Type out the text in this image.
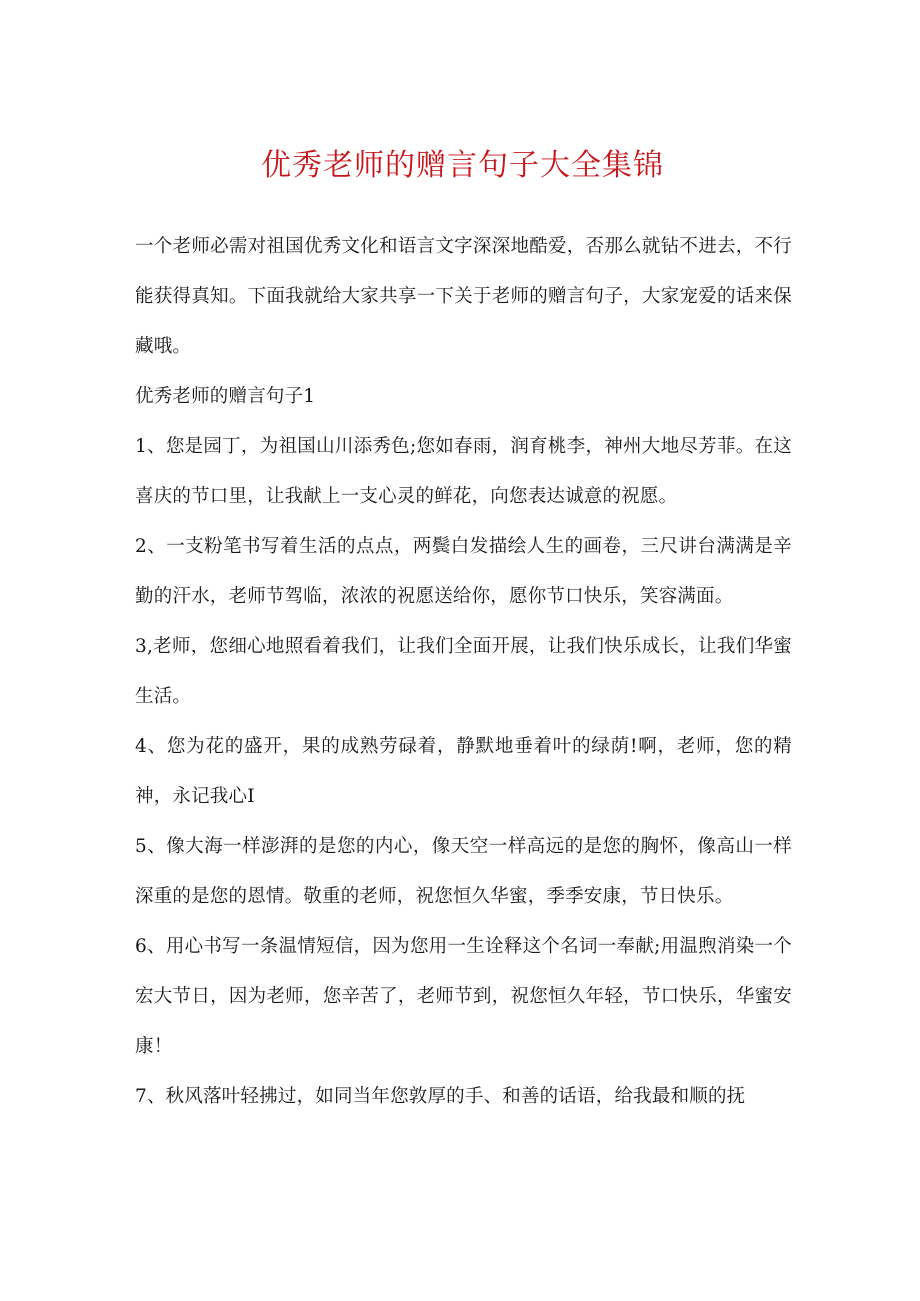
优秀老师的赠言句子大全集锦

一个老师必需对祖国优秀文化和语言文字深深地酷爱，否那么就钻不进去，不行能获得真知。下面我就给大家共享一下关于老师的赠言句子，大家宠爱的话来保藏哦。

优秀老师的赠言句子1

1、您是园丁，为祖国山川添秀色;您如春雨，润育桃李，神州大地尽芳菲。在这喜庆的节口里，让我献上一支心灵的鲜花，向您表达诚意的祝愿。

2、一支粉笔书写着生活的点点，两鬓白发描绘人生的画卷，三尺讲台满满是辛勤的汗水，老师节驾临，浓浓的祝愿送给你，愿你节口快乐，笑容满面。

3,老师，您细心地照看着我们，让我们全面开展，让我们快乐成长，让我们华蜜生活。

4、您为花的盛开，果的成熟劳碌着，静默地垂着叶的绿荫!啊，老师，您的精神，永记我心I

5、像大海一样澎湃的是您的内心，像天空一样高远的是您的胸怀，像高山一样深重的是您的恩情。敬重的老师，祝您恒久华蜜，季季安康，节日快乐。

6、用心书写一条温情短信，因为您用一生诠释这个名词一奉献;用温煦消染一个宏大节日，因为老师，您辛苦了，老师节到，祝您恒久年轻，节口快乐，华蜜安康！

7、秋风落叶轻拂过，如同当年您敦厚的手、和善的话语，给我最和顺的抚
